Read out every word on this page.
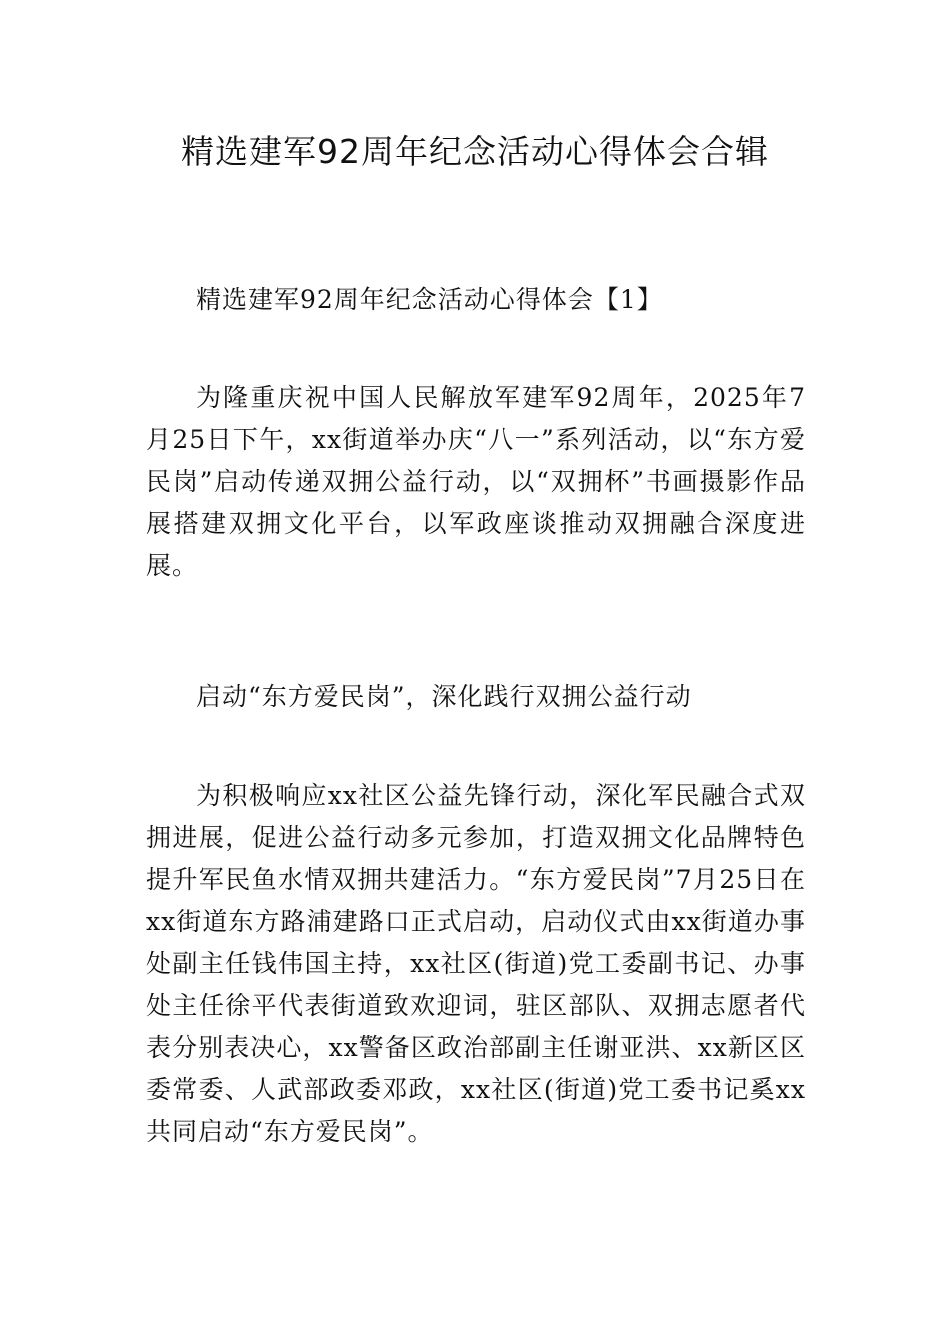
精选建军92周年纪念活动心得体会合辑

精选建军92周年纪念活动心得体会【1】

为隆重庆祝中国人民解放军建军92周年，2025年7月25日下午，xx街道举办庆“八一”系列活动，以“东方爱民岗”启动传递双拥公益行动，以“双拥杯”书画摄影作品展搭建双拥文化平台，以军政座谈推动双拥融合深度进展。

启动“东方爱民岗”，深化践行双拥公益行动

为积极响应xx社区公益先锋行动，深化军民融合式双拥进展，促进公益行动多元参加，打造双拥文化品牌特色提升军民鱼水情双拥共建活力。“东方爱民岗”7月25日在xx街道东方路浦建路口正式启动，启动仪式由xx街道办事处副主任钱伟国主持，xx社区(街道)党工委副书记、办事处主任徐平代表街道致欢迎词，驻区部队、双拥志愿者代表分别表决心，xx警备区政治部副主任谢亚洪、xx新区区委常委、人武部政委邓政，xx社区(街道)党工委书记奚xx共同启动“东方爱民岗”。
